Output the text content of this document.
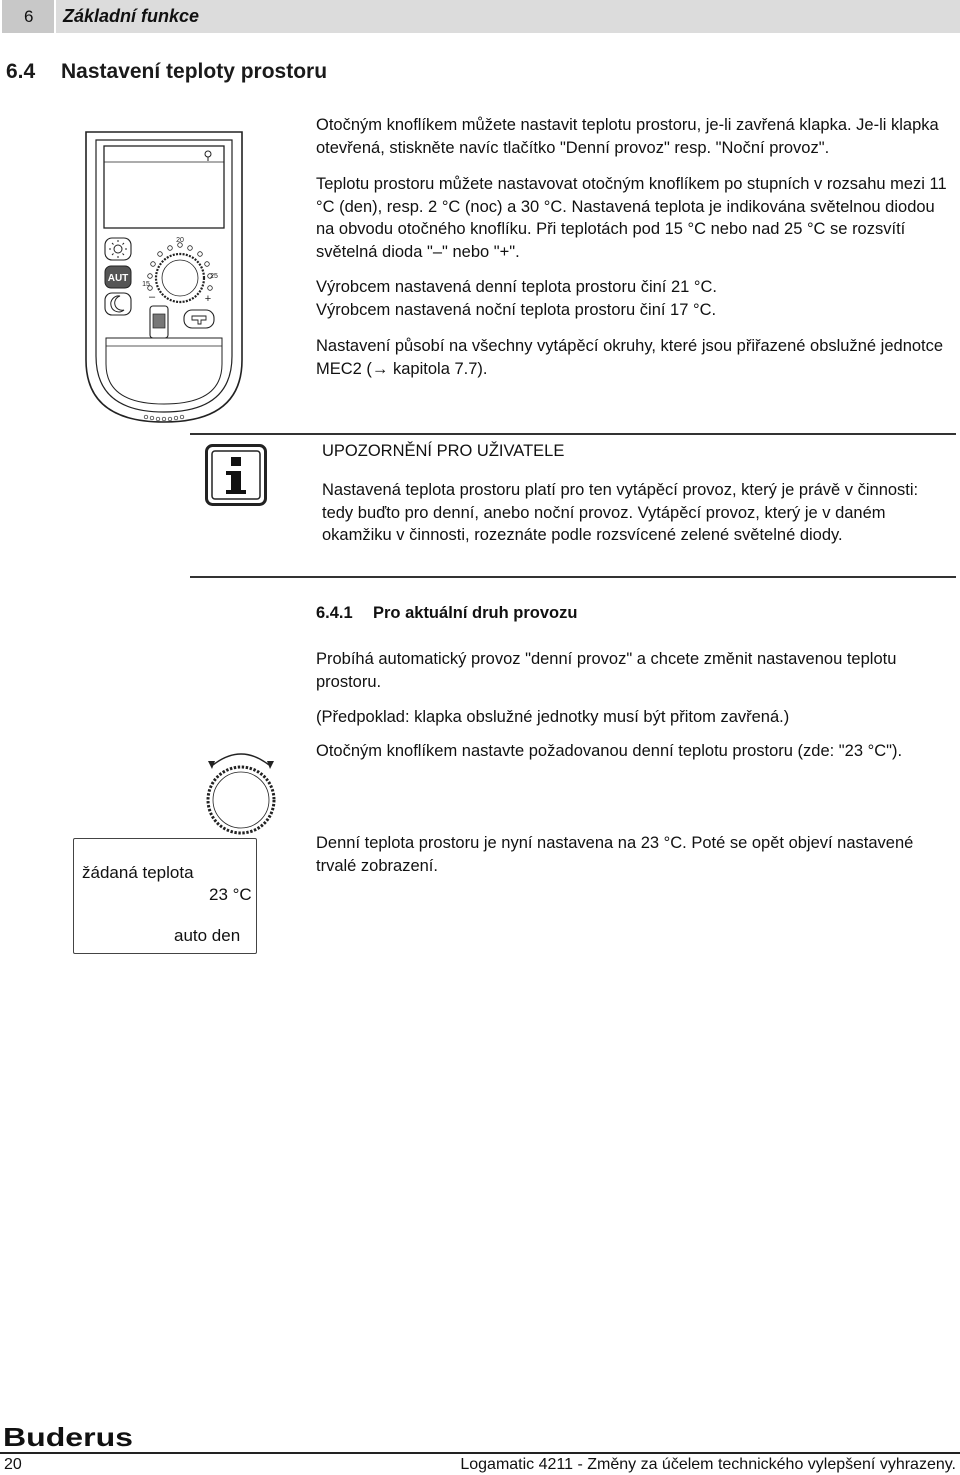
6	Základní funkce
6.4 Nastavení teploty prostoru
Otočným knoflíkem můžete nastavit teplotu prostoru, je-li zavřená klapka. Je-li klapka otevřená, stiskněte navíc tlačítko "Denní provoz" resp. "Noční provoz".
Teplotu prostoru můžete nastavovat otočným knoflíkem po stupních v rozsahu mezi 11 °C (den), resp. 2 °C (noc) a 30 °C. Nastavená teplota je indikována světelnou diodou na obvodu otočného knoflíku. Při teplotách pod 15 °C nebo nad 25 °C se rozsvítí světelná dioda "–" nebo "+".
Výrobcem nastavená denní teplota prostoru činí 21 °C.
Výrobcem nastavená noční teplota prostoru činí 17 °C.
Nastavení působí na všechny vytápěcí okruhy, které jsou přiřazené obslužné jednotce MEC2 (→ kapitola 7.7).
AUT
20
15
25
–	+
UPOZORNĚNÍ PRO UŽIVATELE
Nastavená teplota prostoru platí pro ten vytápěcí provoz, který je právě v činnosti: tedy buďto pro denní, anebo noční provoz. Vytápěcí provoz, který je v daném okamžiku v činnosti, rozeznáte podle rozsvícené zelené světelné diody.
6.4.1 Pro aktuální druh provozu
Probíhá automatický provoz "denní provoz" a chcete změnit nastavenou teplotu prostoru.
(Předpoklad: klapka obslužné jednotky musí být přitom zavřená.)
Otočným knoflíkem nastavte požadovanou denní teplotu prostoru (zde: "23 °C").
Denní teplota prostoru je nyní nastavena na 23 °C. Poté se opět objeví nastavené trvalé zobrazení.
žádaná teplota
23 °C
auto den
Buderus
20	Logamatic 4211 - Změny za účelem technického vylepšení vyhrazeny.
